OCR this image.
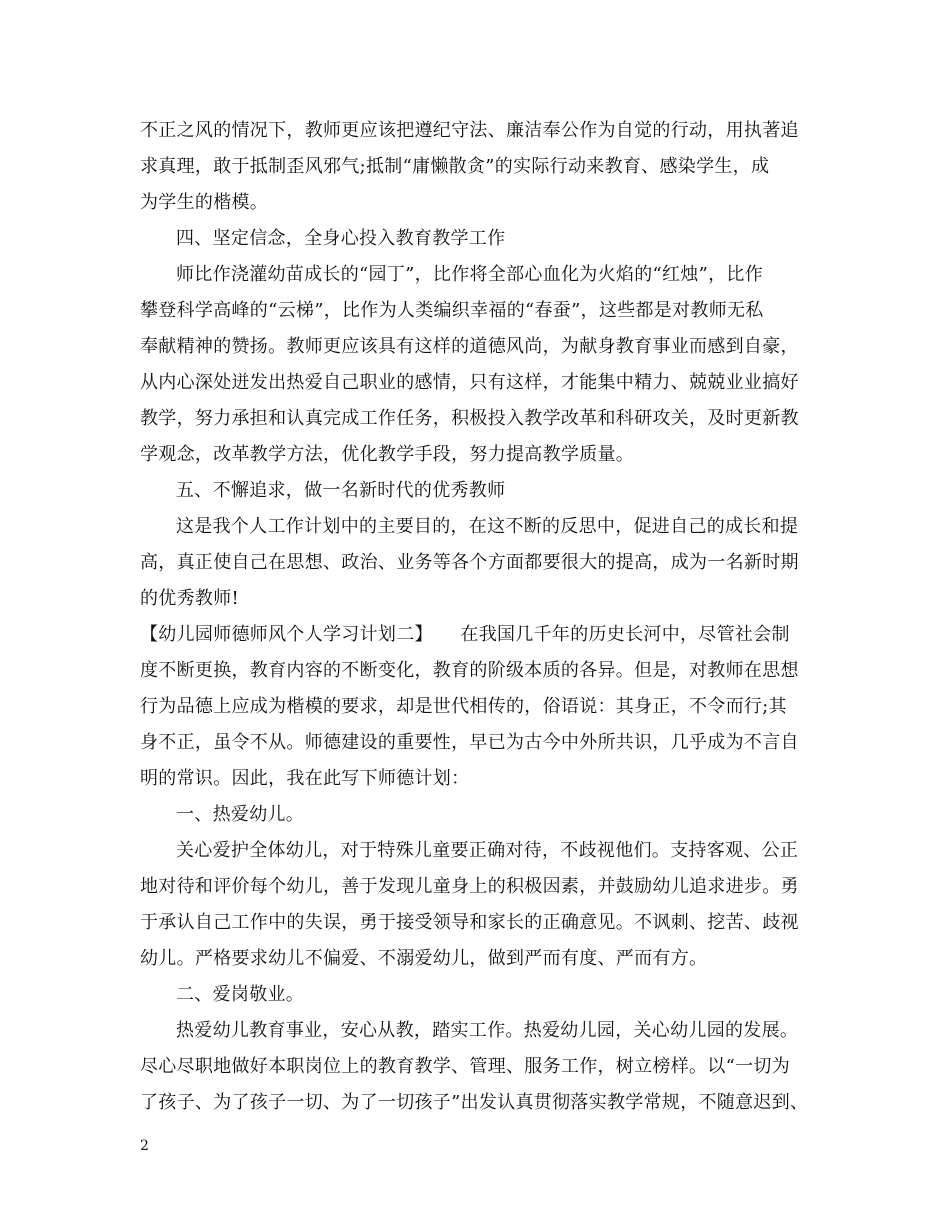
不正之风的情况下，教师更应该把遵纪守法、廉洁奉公作为自觉的行动，用执著追
求真理，敢于抵制歪风邪气;抵制“庸懒散贪”的实际行动来教育、感染学生，成
为学生的楷模。
四、坚定信念，全身心投入教育教学工作
师比作浇灌幼苗成长的“园丁”，比作将全部心血化为火焰的“红烛”，比作
攀登科学高峰的“云梯”，比作为人类编织幸福的“春蚕”，这些都是对教师无私
奉献精神的赞扬。教师更应该具有这样的道德风尚，为献身教育事业而感到自豪，
从内心深处迸发出热爱自己职业的感情，只有这样，才能集中精力、兢兢业业搞好
教学，努力承担和认真完成工作任务，积极投入教学改革和科研攻关，及时更新教
学观念，改革教学方法，优化教学手段，努力提高教学质量。
五、不懈追求，做一名新时代的优秀教师
这是我个人工作计划中的主要目的，在这不断的反思中，促进自己的成长和提
高，真正使自己在思想、政治、业务等各个方面都要很大的提高，成为一名新时期
的优秀教师!
【幼儿园师德师风个人学习计划二】　　在我国几千年的历史长河中，尽管社会制
度不断更换，教育内容的不断变化，教育的阶级本质的各异。但是，对教师在思想
行为品德上应成为楷模的要求，却是世代相传的，俗语说：其身正，不令而行;其
身不正，虽令不从。师德建设的重要性，早已为古今中外所共识，几乎成为不言自
明的常识。因此，我在此写下师德计划：
一、热爱幼儿。
关心爱护全体幼儿，对于特殊儿童要正确对待，不歧视他们。支持客观、公正
地对待和评价每个幼儿，善于发现儿童身上的积极因素，并鼓励幼儿追求进步。勇
于承认自己工作中的失误，勇于接受领导和家长的正确意见。不讽刺、挖苦、歧视
幼儿。严格要求幼儿不偏爱、不溺爱幼儿，做到严而有度、严而有方。
二、爱岗敬业。
热爱幼儿教育事业，安心从教，踏实工作。热爱幼儿园，关心幼儿园的发展。
尽心尽职地做好本职岗位上的教育教学、管理、服务工作，树立榜样。以“一切为
了孩子、为了孩子一切、为了一切孩子”出发认真贯彻落实教学常规，不随意迟到、
2
